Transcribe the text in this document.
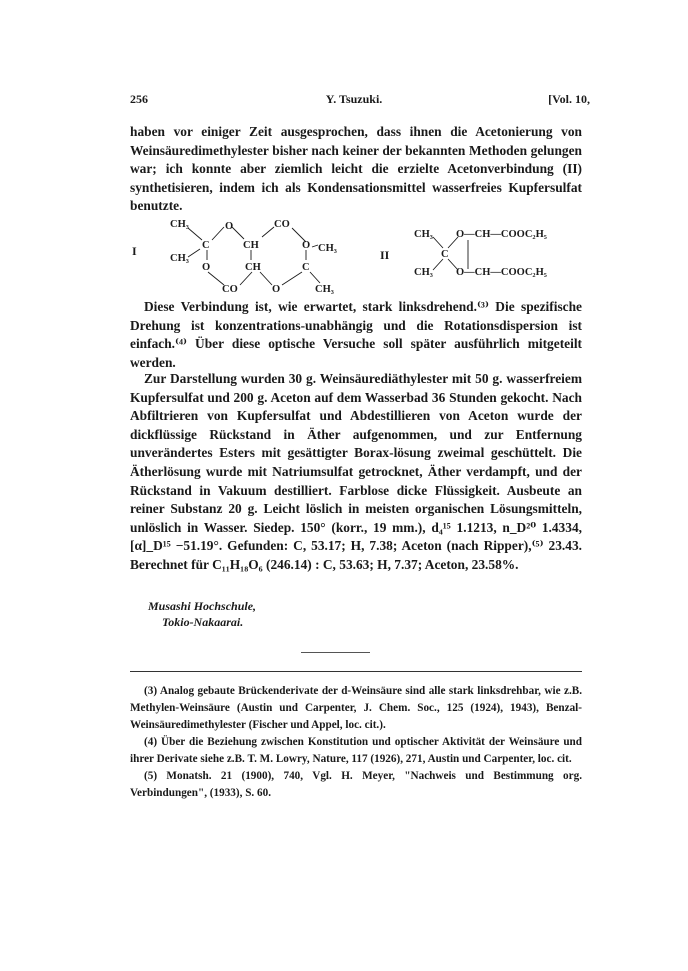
256	Y. Tsuzuki.	[Vol. 10,

haben vor einiger Zeit ausgesprochen, dass ihnen die Acetonierung von Weinsäuredimethylester bisher nach keiner der bekannten Methoden gelungen war; ich konnte aber ziemlich leicht die erzielte Acetonverbindung (II) synthetisieren, indem ich als Kondensationsmittel wasserfreies Kupfersulfat benutzte.

I
CH₃	O	CO
C	CH	O CH₃
CH₃
O	CH	C
CO	O	CH₃
II
CH₃
C
CH₃
O—CH—COOC₂H₅
O—CH—COOC₂H₅

Diese Verbindung ist, wie erwartet, stark linksdrehend.⁽³⁾ Die spezifische Drehung ist konzentrations-unabhängig und die Rotationsdispersion ist einfach.⁽⁴⁾ Über diese optische Versuche soll später ausführlich mitgeteilt werden.

Zur Darstellung wurden 30 g. Weinsäurediäthylester mit 50 g. wasserfreiem Kupfersulfat und 200 g. Aceton auf dem Wasserbad 36 Stunden gekocht. Nach Abfiltrieren von Kupfersulfat und Abdestillieren von Aceton wurde der dickflüssige Rückstand in Äther aufgenommen, und zur Entfernung unverändertes Esters mit gesättigter Borax-lösung zweimal geschüttelt. Die Ätherlösung wurde mit Natriumsulfat getrocknet, Äther verdampft, und der Rückstand in Vakuum destilliert. Farblose dicke Flüssigkeit. Ausbeute an reiner Substanz 20 g. Leicht löslich in meisten organischen Lösungsmitteln, unlöslich in Wasser. Siedep. 150° (korr., 19 mm.), d₄¹⁵ 1.1213, n_D²⁰ 1.4334, [α]_D¹⁵ −51.19°. Gefunden: C, 53.17; H, 7.38; Aceton (nach Ripper),⁽⁵⁾ 23.43. Berechnet für C₁₁H₁₈O₆ (246.14) : C, 53.63; H, 7.37; Aceton, 23.58%.

Musashi Hochschule,
Tokio-Nakaarai.

(3) Analog gebaute Brückenderivate der d-Weinsäure sind alle stark linksdrehbar, wie z.B. Methylen-Weinsäure (Austin und Carpenter, J. Chem. Soc., 125 (1924), 1943), Benzal-Weinsäuredimethylester (Fischer und Appel, loc. cit.).

(4) Über die Beziehung zwischen Konstitution und optischer Aktivität der Weinsäure und ihrer Derivate siehe z.B. T. M. Lowry, Nature, 117 (1926), 271, Austin und Carpenter, loc. cit.

(5) Monatsh. 21 (1900), 740, Vgl. H. Meyer, "Nachweis und Bestimmung org. Verbindungen", (1933), S. 60.
